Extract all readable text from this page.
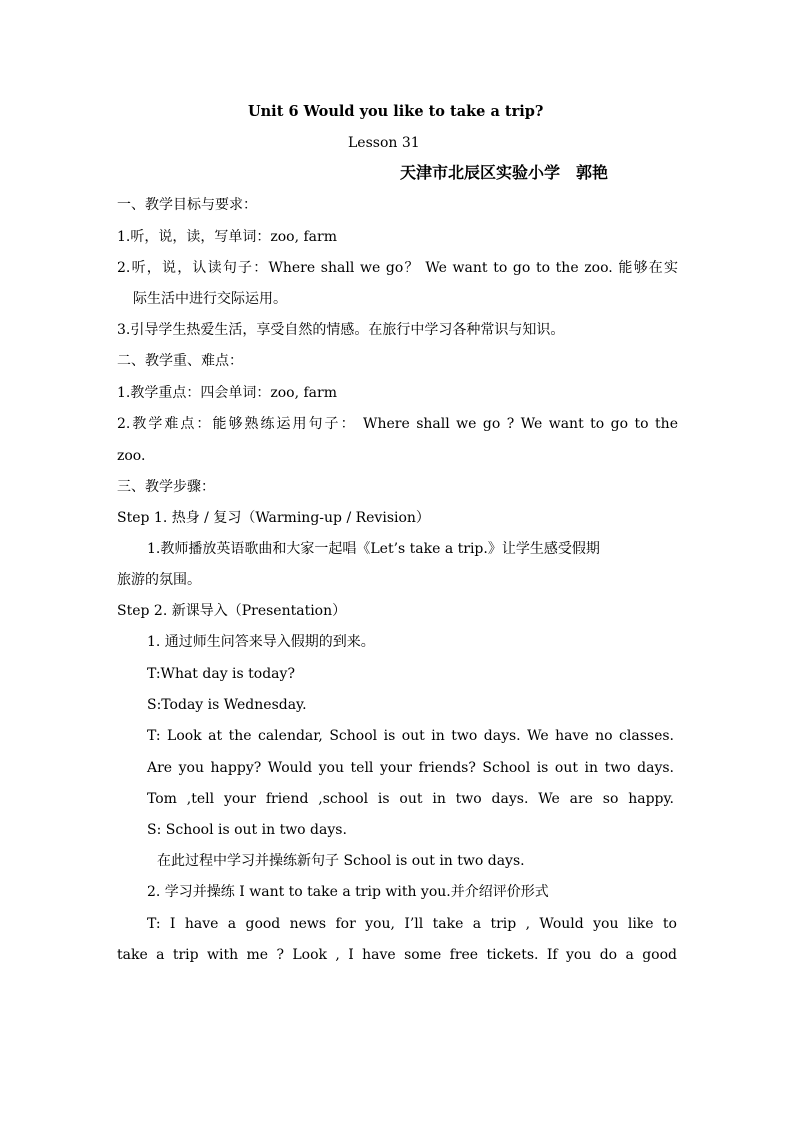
Unit 6 Would you like to take a trip?
Lesson 31
天津市北辰区实验小学　郭艳
一、教学目标与要求：
1.听，说，读，写单词：zoo, farm
2.听，说，认读句子：Where shall we go？ We want to go to the zoo. 能够在实
际生活中进行交际运用。
3.引导学生热爱生活，享受自然的情感。在旅行中学习各种常识与知识。
二、教学重、难点：
1.教学重点：四会单词：zoo, farm
2.教学难点：能够熟练运用句子： Where shall we go ? We want to go to the
zoo.
三、教学步骤：
Step 1. 热身 / 复习（Warming-up / Revision）
1.教师播放英语歌曲和大家一起唱《Let’s take a trip.》让学生感受假期
旅游的氛围。
Step 2. 新课导入（Presentation）
1. 通过师生问答来导入假期的到来。
T:What day is today?
S:Today is Wednesday.
T: Look at the calendar, School is out in two days. We have no classes.
Are you happy? Would you tell your friends? School is out in two days.
Tom ,tell your friend ,school is out in two days. We are so happy.
S: School is out in two days.
在此过程中学习并操练新句子 School is out in two days.
2. 学习并操练 I want to take a trip with you.并介绍评价形式
T: I have a good news for you, I’ll take a trip , Would you like to
take a trip with me ? Look , I have some free tickets. If you do a good
